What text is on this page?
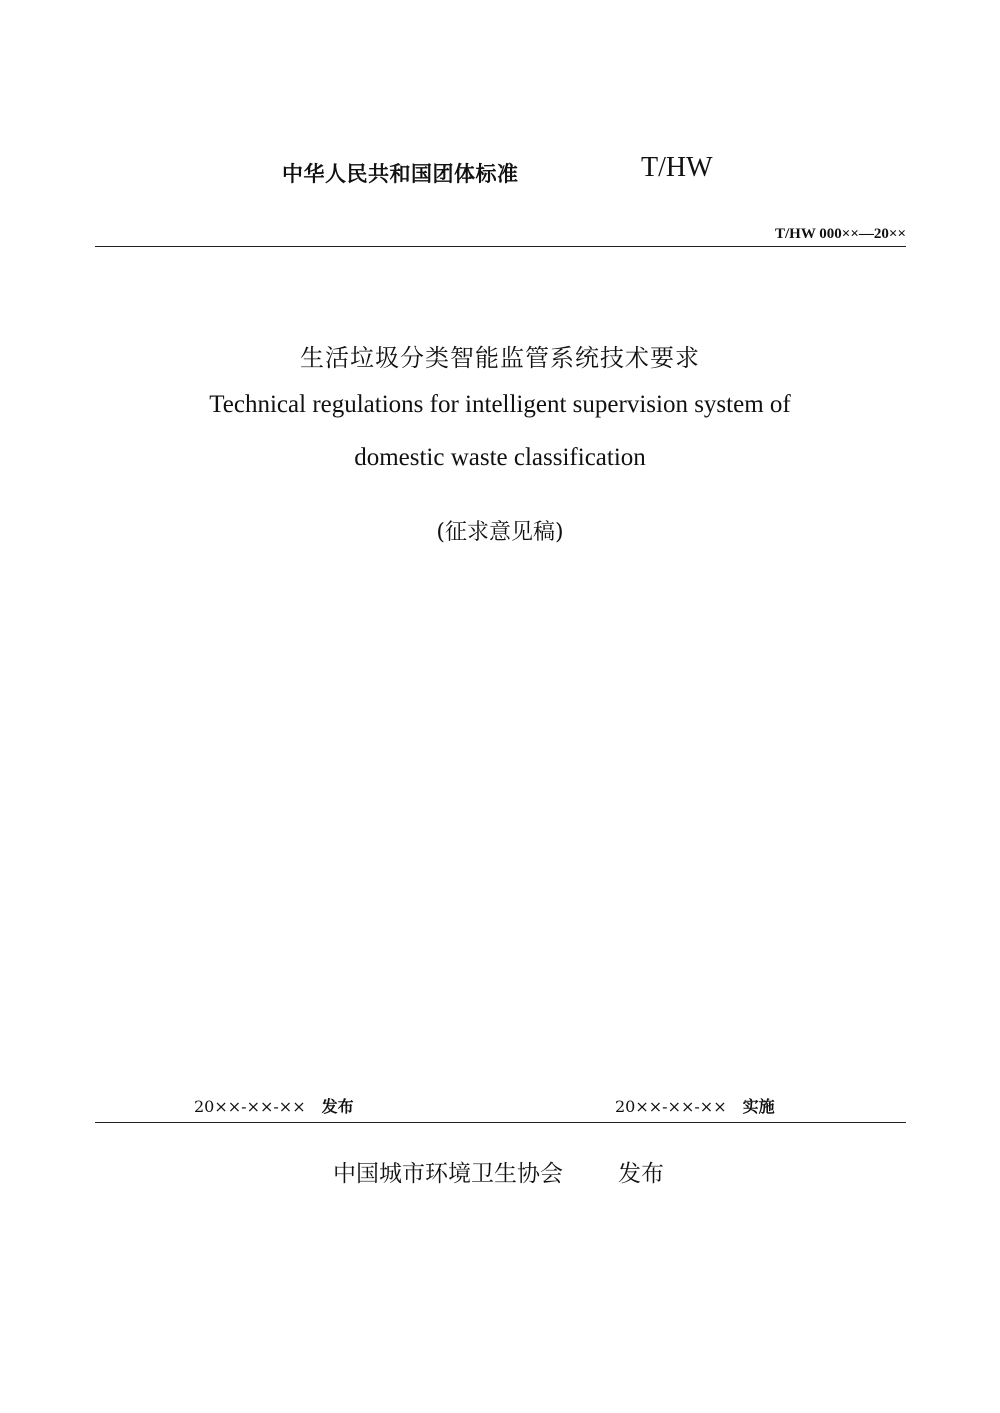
中华人民共和国团体标准	T/HW
T/HW 000××—20××
生活垃圾分类智能监管系统技术要求
Technical regulations for intelligent supervision system of
domestic waste classification
(征求意见稿)
20××-××-×× 发布	20××-××-×× 实施
中国城市环境卫生协会 发布
